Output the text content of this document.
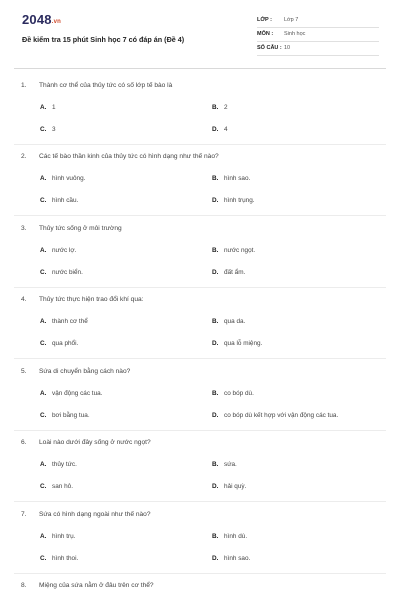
2048.vn
Đề kiểm tra 15 phút Sinh học 7 có đáp án (Đề 4)
LỚP : Lớp 7
MÔN : Sinh học
SỐ CÂU : 10
1. Thành cơ thể của thủy tức có số lớp tế bào là
A. 1	B. 2
C. 3	D. 4
2. Các tế bào thần kinh của thủy tức có hình dạng như thế nào?
A. hình vuông.	B. hình sao.
C. hình cầu.	D. hình trụng.
3. Thủy tức sống ở môi trường
A. nước lợ.	B. nước ngọt.
C. nước biển.	D. đất ẩm.
4. Thủy tức thực hiện trao đổi khí qua:
A. thành cơ thể	B. qua da.
C. qua phổi.	D. qua lỗ miệng.
5. Sứa di chuyển bằng cách nào?
A. vận động các tua.	B. co bóp dù.
C. bơi bằng tua.	D. co bóp dù kết hợp với vận động các tua.
6. Loài nào dưới đây sống ở nước ngọt?
A. thủy tức.	B. sứa.
C. san hô.	D. hải quỳ.
7. Sứa có hình dạng ngoài như thế nào?
A. hình trụ.	B. hình dù.
C. hình thoi.	D. hình sao.
8. Miệng của sứa nằm ở đâu trên cơ thể?
